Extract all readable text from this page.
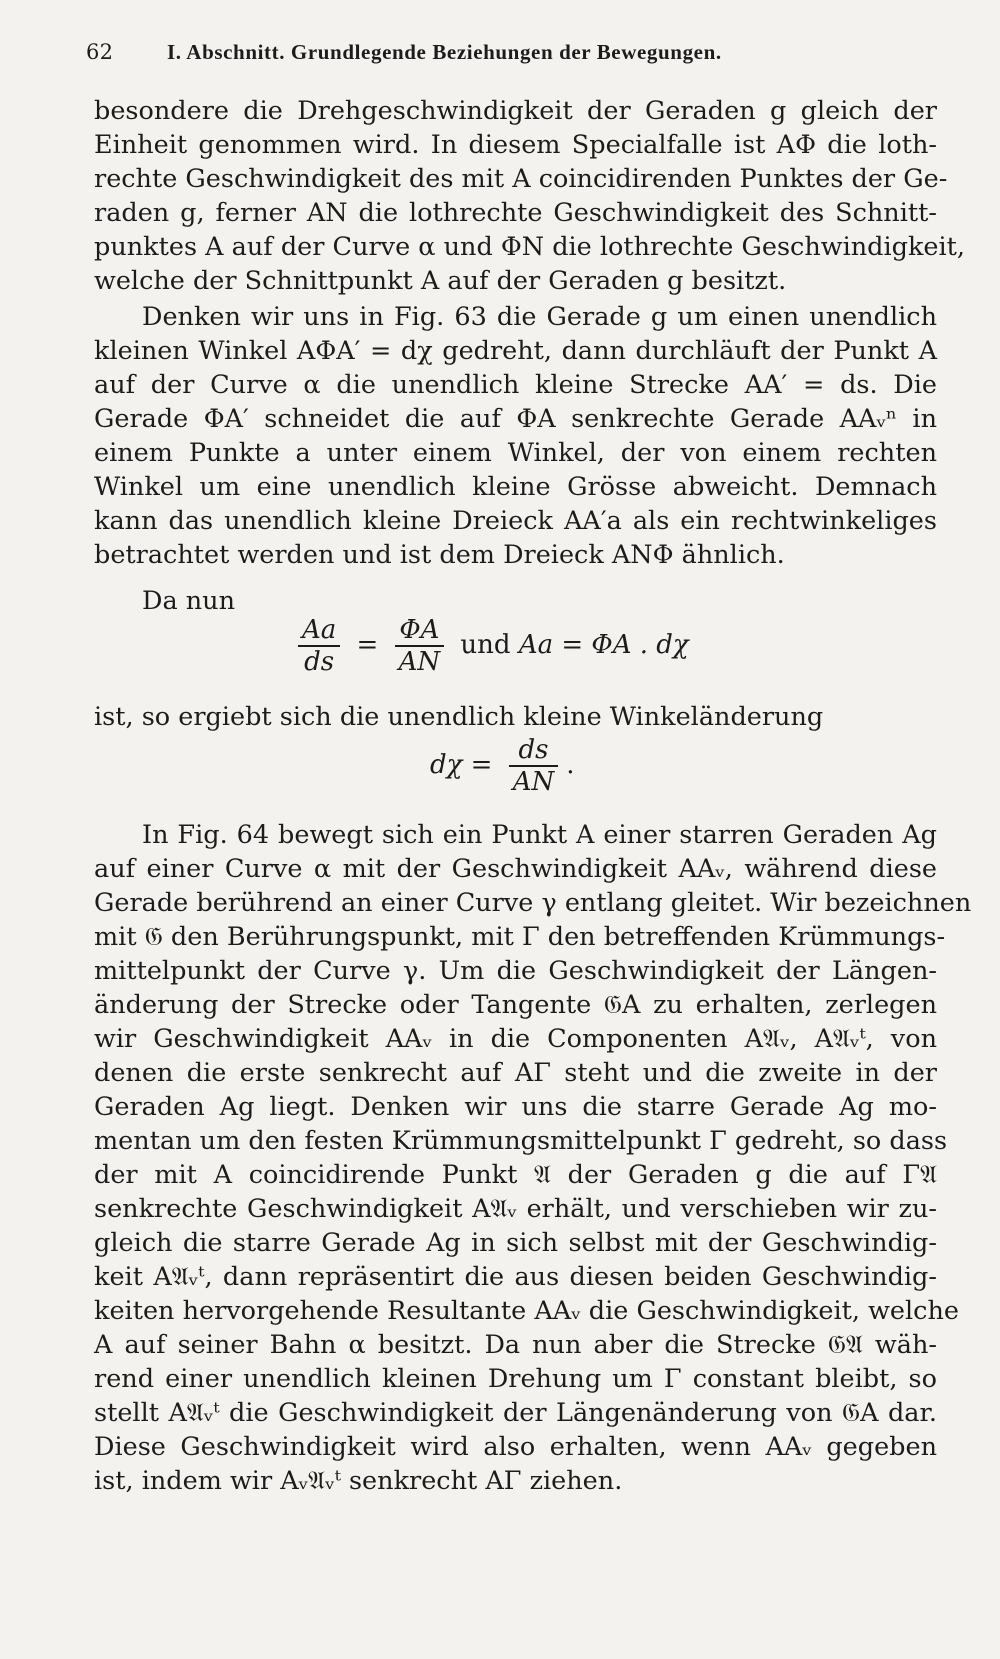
62	I. Abschnitt. Grundlegende Beziehungen der Bewegungen.
besondere die Drehgeschwindigkeit der Geraden g gleich der
Einheit genommen wird. In diesem Specialfalle ist AΦ die loth-
rechte Geschwindigkeit des mit A coincidirenden Punktes der Ge-
raden g, ferner AN die lothrechte Geschwindigkeit des Schnitt-
punktes A auf der Curve α und ΦN die lothrechte Geschwindigkeit,
welche der Schnittpunkt A auf der Geraden g besitzt.
Denken wir uns in Fig. 63 die Gerade g um einen unendlich
kleinen Winkel AΦA′ = dχ gedreht, dann durchläuft der Punkt A
auf der Curve α die unendlich kleine Strecke AA′ = ds. Die
Gerade ΦA′ schneidet die auf ΦA senkrechte Gerade AAᵥⁿ in
einem Punkte a unter einem Winkel, der von einem rechten
Winkel um eine unendlich kleine Grösse abweicht. Demnach
kann das unendlich kleine Dreieck AA′a als ein rechtwinkeliges
betrachtet werden und ist dem Dreieck ANΦ ähnlich.
Da nun
$\frac{Aa}{ds} = \frac{\Phi A}{AN}$ und Aa = ΦA . dχ
ist, so ergiebt sich die unendlich kleine Winkeländerung
$d\chi = \frac{ds}{AN}$ .
In Fig. 64 bewegt sich ein Punkt A einer starren Geraden Ag
auf einer Curve α mit der Geschwindigkeit AAᵥ, während diese
Gerade berührend an einer Curve γ entlang gleitet. Wir bezeichnen
mit 𝔊 den Berührungspunkt, mit Γ den betreffenden Krümmungs-
mittelpunkt der Curve γ. Um die Geschwindigkeit der Längen-
änderung der Strecke oder Tangente 𝔊A zu erhalten, zerlegen
wir Geschwindigkeit AAᵥ in die Componenten A𝔄ᵥ, A𝔄ᵥᵗ, von
denen die erste senkrecht auf AΓ steht und die zweite in der
Geraden Ag liegt. Denken wir uns die starre Gerade Ag mo-
mentan um den festen Krümmungsmittelpunkt Γ gedreht, so dass
der mit A coincidirende Punkt 𝔄 der Geraden g die auf Γ𝔄
senkrechte Geschwindigkeit A𝔄ᵥ erhält, und verschieben wir zu-
gleich die starre Gerade Ag in sich selbst mit der Geschwindig-
keit A𝔄ᵥᵗ, dann repräsentirt die aus diesen beiden Geschwindig-
keiten hervorgehende Resultante AAᵥ die Geschwindigkeit, welche
A auf seiner Bahn α besitzt. Da nun aber die Strecke 𝔊𝔄 wäh-
rend einer unendlich kleinen Drehung um Γ constant bleibt, so
stellt A𝔄ᵥᵗ die Geschwindigkeit der Längenänderung von 𝔊A dar.
Diese Geschwindigkeit wird also erhalten, wenn AAᵥ gegeben
ist, indem wir Aᵥ𝔄ᵥᵗ senkrecht AΓ ziehen.
